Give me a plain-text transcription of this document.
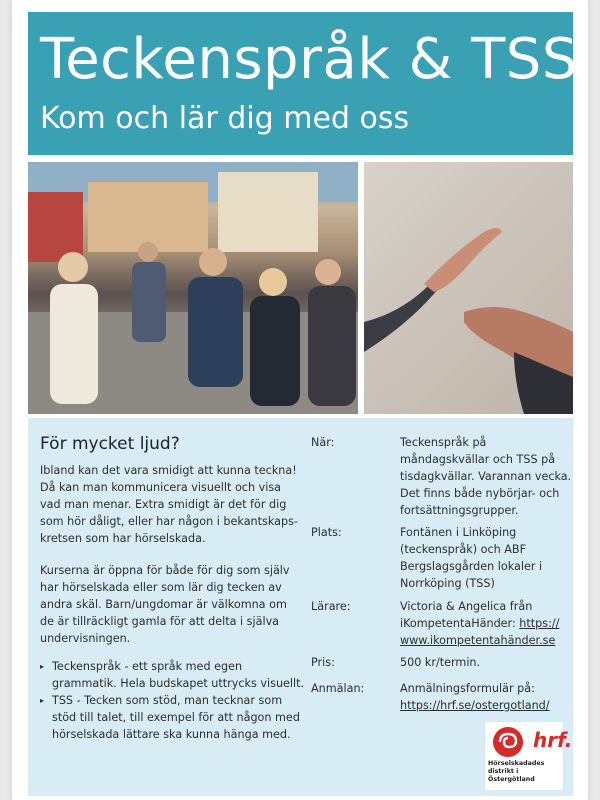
Teckenspråk & TSS
Kom och lär dig med oss
För mycket ljud?
Ibland kan det vara smidigt att kunna teckna! Då kan man kommunicera visuellt och visa vad man menar. Extra smidigt är det för dig som hör dåligt, eller har någon i bekantskaps-kretsen som har hörselskada.
Kurserna är öppna för både för dig som själv har hörselskada eller som lär dig tecken av andra skäl. Barn/ungdomar är välkomna om de är tillräckligt gamla för att delta i själva undervisningen.
▸ Teckenspråk - ett språk med egen grammatik. Hela budskapet uttrycks visuellt.
▸ TSS - Tecken som stöd, man tecknar som stöd till talet, till exempel för att någon med hörselskada lättare ska kunna hänga med.
När:	Teckenspråk på måndagskvällar och TSS på tisdagkvällar. Varannan vecka. Det finns både nybörjar- och fortsättningsgrupper.
Plats:	Fontänen i Linköping (teckenspråk) och ABF Bergslagsgården lokaler i Norrköping (TSS)
Lärare:	Victoria & Angelica från iKompetentaHänder: https:// www.ikompetentahänder.se
Pris:	500 kr/termin.
Anmälan:	Anmälningsformulär på:
https://hrf.se/ostergotland/
hrf.
Hörselskadades distrikt i Östergötland
